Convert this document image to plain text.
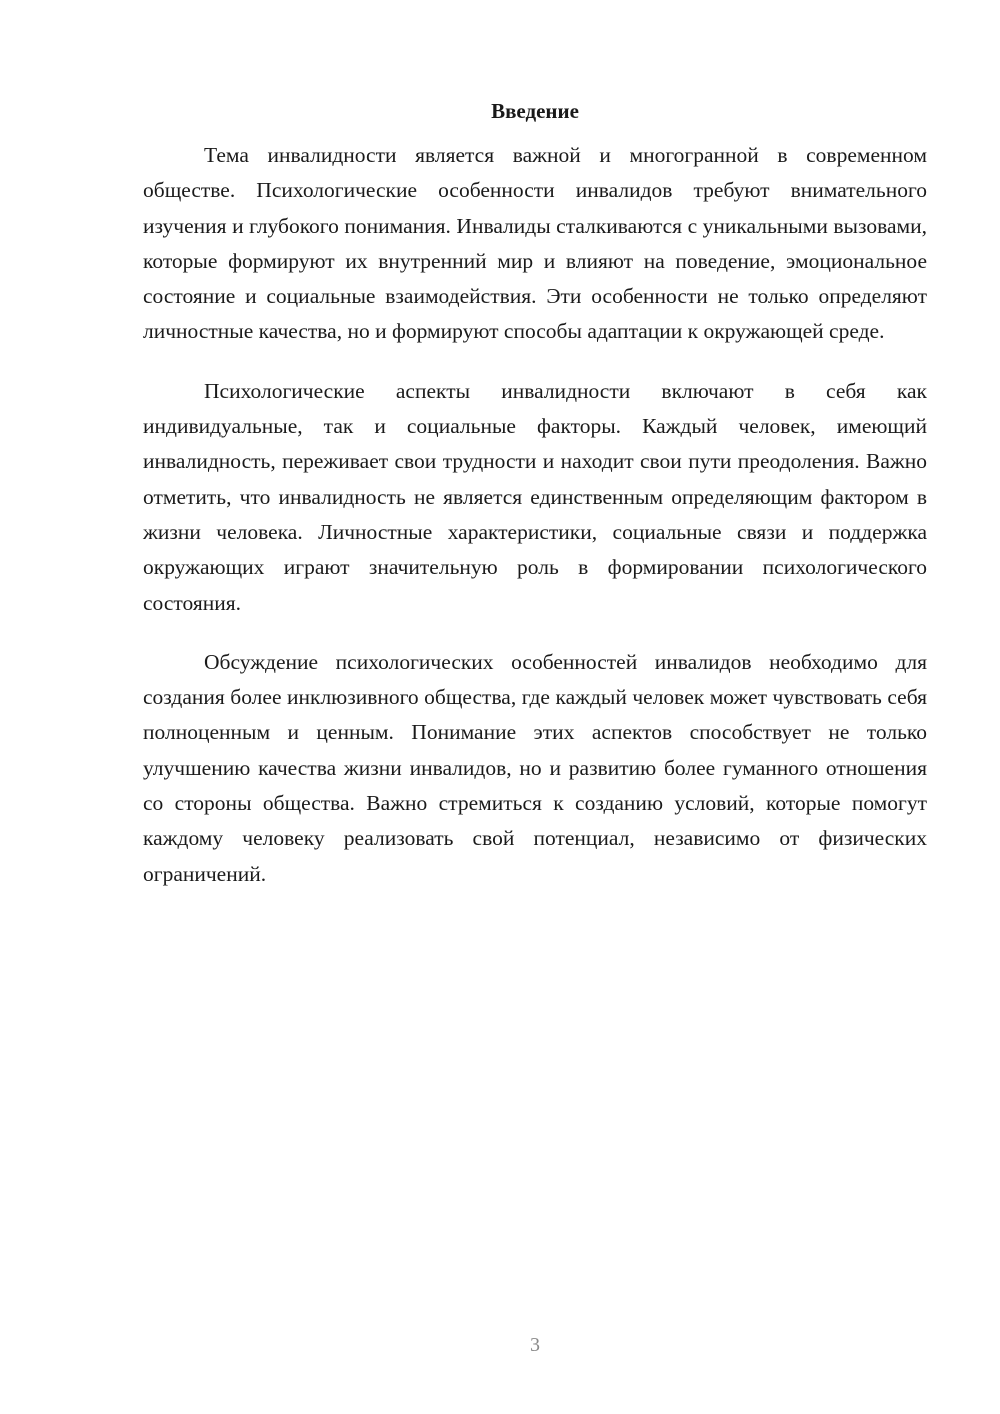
Введение

Тема инвалидности является важной и многогранной в современном обществе. Психологические особенности инвалидов требуют внимательного изучения и глубокого понимания. Инвалиды сталкиваются с уникальными вызовами, которые формируют их внутренний мир и влияют на поведение, эмоциональное состояние и социальные взаимодействия. Эти особенности не только определяют личностные качества, но и формируют способы адаптации к окружающей среде.

Психологические аспекты инвалидности включают в себя как индивидуальные, так и социальные факторы. Каждый человек, имеющий инвалидность, переживает свои трудности и находит свои пути преодоления. Важно отметить, что инвалидность не является единственным определяющим фактором в жизни человека. Личностные характеристики, социальные связи и поддержка окружающих играют значительную роль в формировании психологического состояния.

Обсуждение психологических особенностей инвалидов необходимо для создания более инклюзивного общества, где каждый человек может чувствовать себя полноценным и ценным. Понимание этих аспектов способствует не только улучшению качества жизни инвалидов, но и развитию более гуманного отношения со стороны общества. Важно стремиться к созданию условий, которые помогут каждому человеку реализовать свой потенциал, независимо от физических ограничений.

3
